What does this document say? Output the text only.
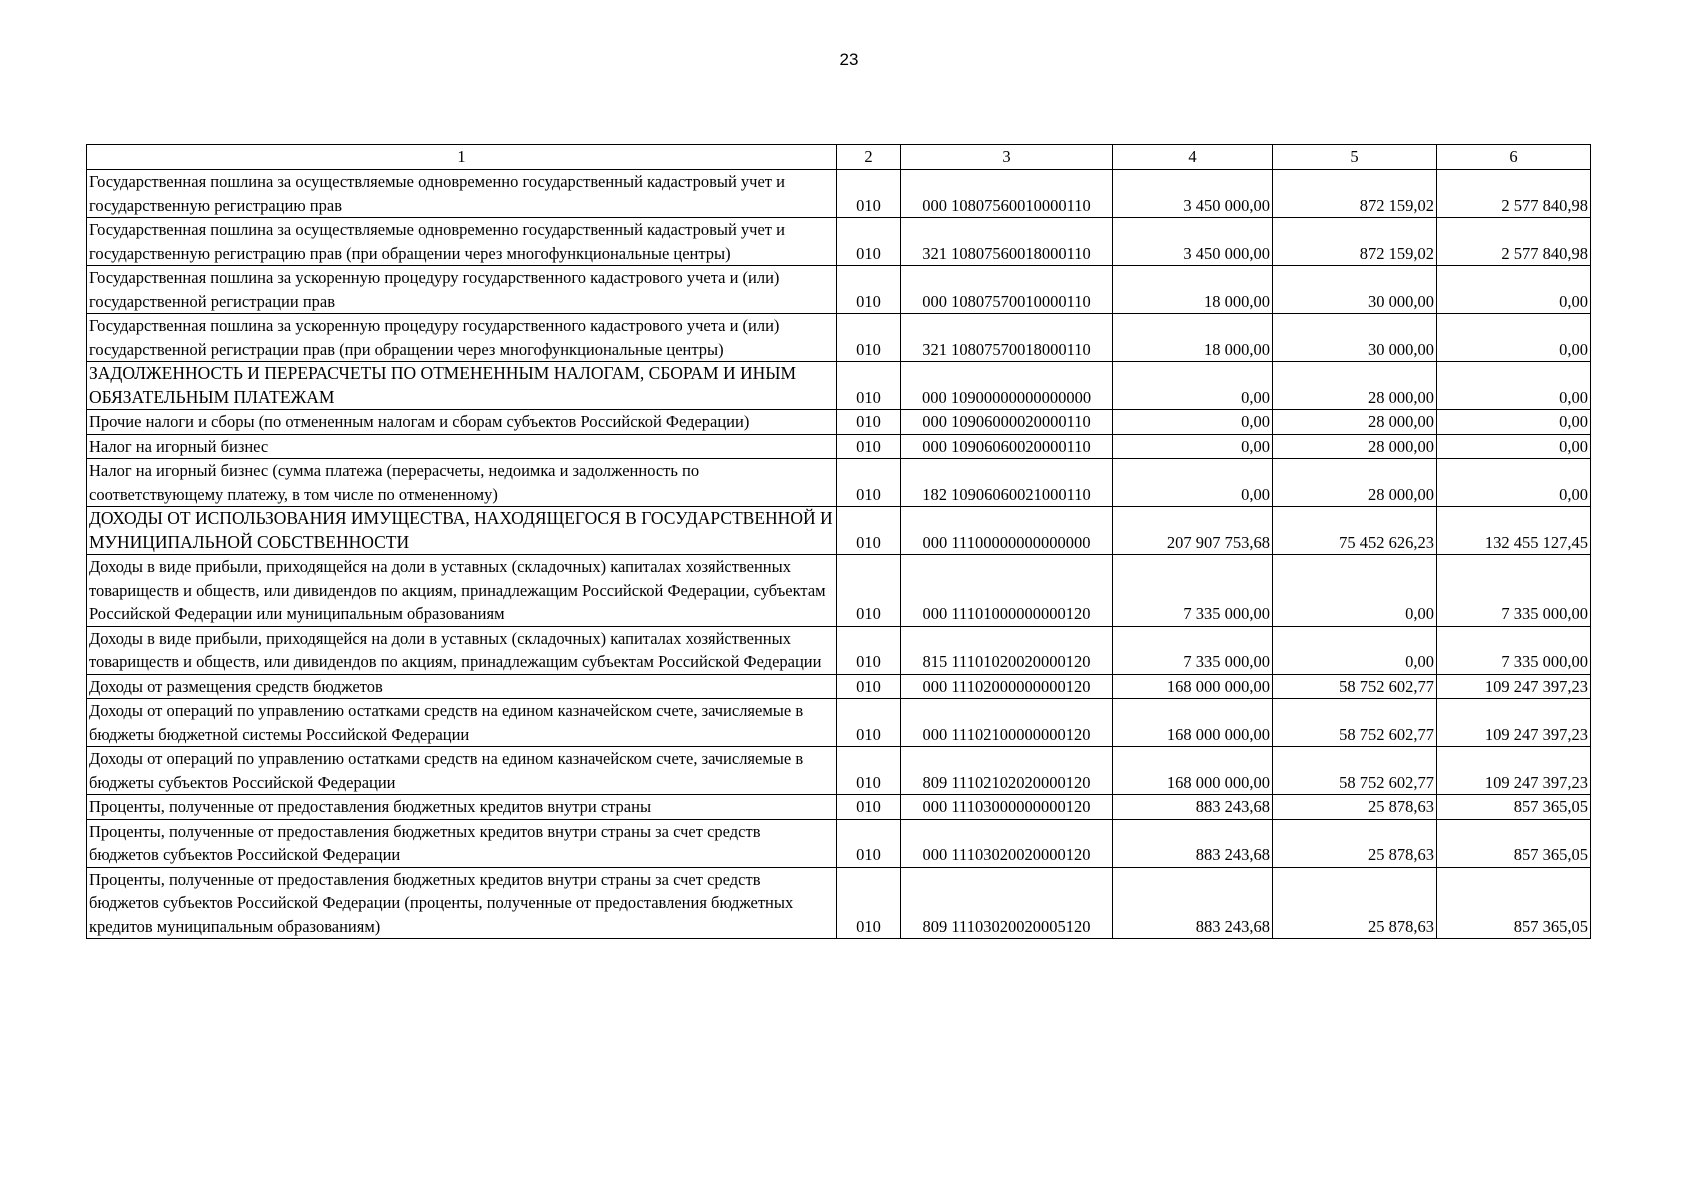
23
1	2	3	4	5	6
Государственная пошлина за осуществляемые одновременно государственный кадастровый учет и государственную регистрацию прав	010	000 10807560010000110	3 450 000,00	872 159,02	2 577 840,98
Государственная пошлина за осуществляемые одновременно государственный кадастровый учет и государственную регистрацию прав (при обращении через многофункциональные центры)	010	321 10807560018000110	3 450 000,00	872 159,02	2 577 840,98
Государственная пошлина за ускоренную процедуру государственного кадастрового учета и (или) государственной регистрации прав	010	000 10807570010000110	18 000,00	30 000,00	0,00
Государственная пошлина за ускоренную процедуру государственного кадастрового учета и (или) государственной регистрации прав (при обращении через многофункциональные центры)	010	321 10807570018000110	18 000,00	30 000,00	0,00
ЗАДОЛЖЕННОСТЬ И ПЕРЕРАСЧЕТЫ ПО ОТМЕНЕННЫМ НАЛОГАМ, СБОРАМ И ИНЫМ ОБЯЗАТЕЛЬНЫМ ПЛАТЕЖАМ	010	000 10900000000000000	0,00	28 000,00	0,00
Прочие налоги и сборы (по отмененным налогам и сборам субъектов Российской Федерации)	010	000 10906000020000110	0,00	28 000,00	0,00
Налог на игорный бизнес	010	000 10906060020000110	0,00	28 000,00	0,00
Налог на игорный бизнес (сумма платежа (перерасчеты, недоимка и задолженность по соответствующему платежу, в том числе по отмененному)	010	182 10906060021000110	0,00	28 000,00	0,00
ДОХОДЫ ОТ ИСПОЛЬЗОВАНИЯ ИМУЩЕСТВА, НАХОДЯЩЕГОСЯ В ГОСУДАРСТВЕННОЙ И МУНИЦИПАЛЬНОЙ СОБСТВЕННОСТИ	010	000 11100000000000000	207 907 753,68	75 452 626,23	132 455 127,45
Доходы в виде прибыли, приходящейся на доли в уставных (складочных) капиталах хозяйственных товариществ и обществ, или дивидендов по акциям, принадлежащим Российской Федерации, субъектам Российской Федерации или муниципальным образованиям	010	000 11101000000000120	7 335 000,00	0,00	7 335 000,00
Доходы в виде прибыли, приходящейся на доли в уставных (складочных) капиталах хозяйственных товариществ и обществ, или дивидендов по акциям, принадлежащим субъектам Российской Федерации	010	815 11101020020000120	7 335 000,00	0,00	7 335 000,00
Доходы от размещения средств бюджетов	010	000 11102000000000120	168 000 000,00	58 752 602,77	109 247 397,23
Доходы от операций по управлению остатками средств на едином казначейском счете, зачисляемые в бюджеты бюджетной системы Российской Федерации	010	000 11102100000000120	168 000 000,00	58 752 602,77	109 247 397,23
Доходы от операций по управлению остатками средств на едином казначейском счете, зачисляемые в бюджеты субъектов Российской Федерации	010	809 11102102020000120	168 000 000,00	58 752 602,77	109 247 397,23
Проценты, полученные от предоставления бюджетных кредитов внутри страны	010	000 11103000000000120	883 243,68	25 878,63	857 365,05
Проценты, полученные от предоставления бюджетных кредитов внутри страны за счет средств бюджетов субъектов Российской Федерации	010	000 11103020020000120	883 243,68	25 878,63	857 365,05
Проценты, полученные от предоставления бюджетных кредитов внутри страны за счет средств бюджетов субъектов Российской Федерации (проценты, полученные от предоставления бюджетных кредитов муниципальным образованиям)	010	809 11103020020005120	883 243,68	25 878,63	857 365,05
